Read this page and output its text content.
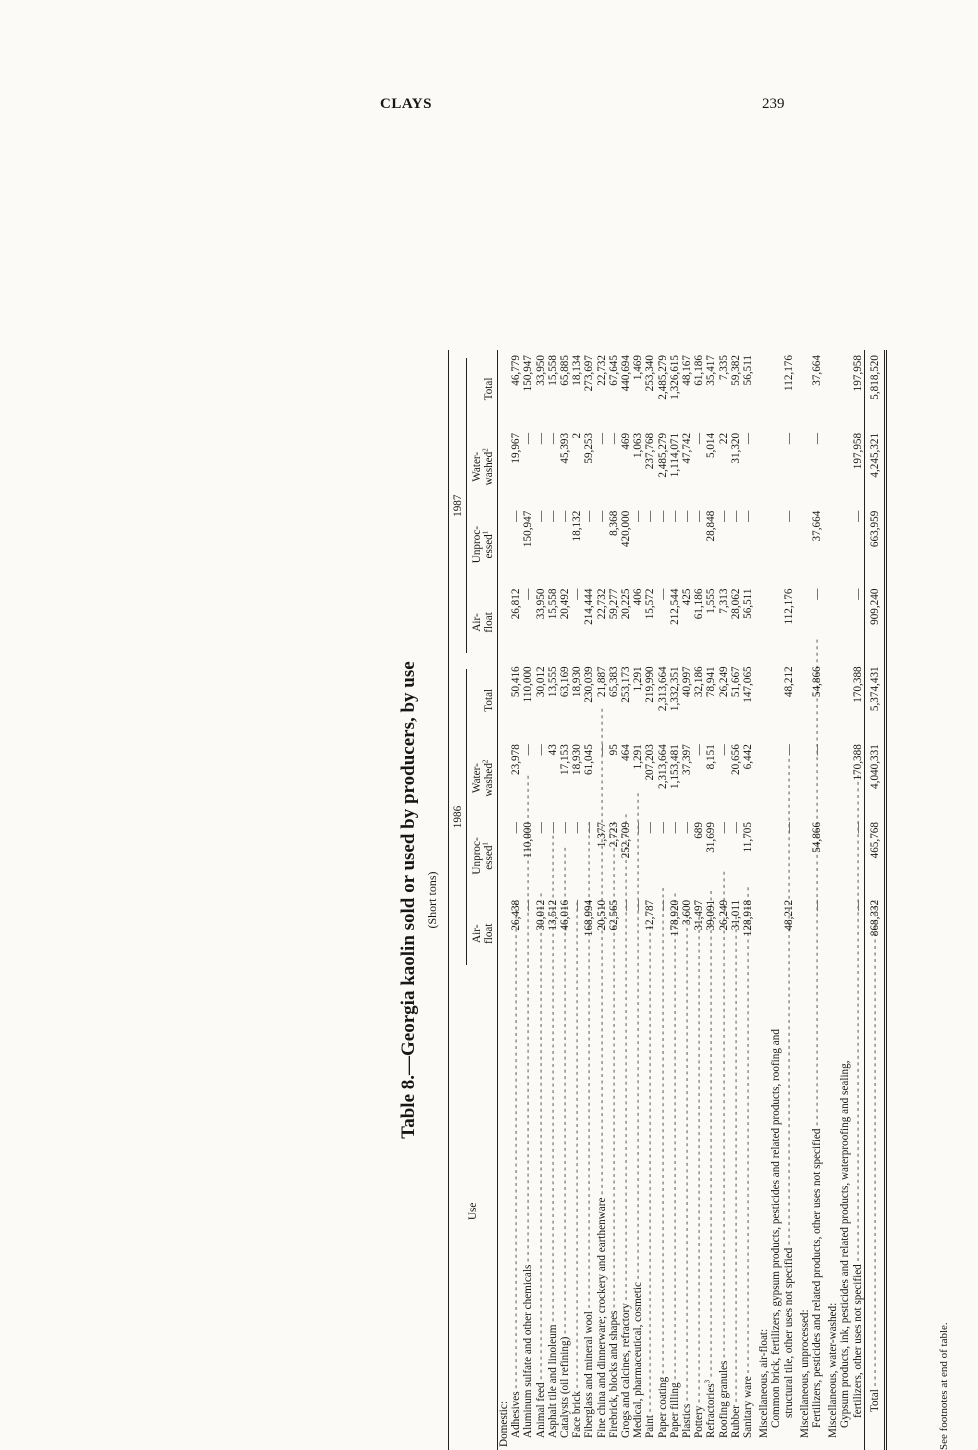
CLAYS	239
Table 8.—Georgia kaolin sold or used by producers, by use (Short tons)
Use	1986				1987			

	Air-
float	Unproc-
essed$^1$	Water-
washed$^2$	Total	Air-
float	Unproc-
essed$^1$	Water-
washed$^2$	Total
Domestic:								
Adhesives - - -	26,438	—	23,978	50,416	26,812	—	19,967	46,779
Aluminum sulfate and other chemicals - - -	—	110,000	—	110,000	—	150,947	—	150,947
Animal feed - - -	30,012	—	—	30,012	33,950	—	—	33,950
Asphalt tile and linoleum - - -	13,512	—	43	13,555	15,558	—	—	15,558
Catalysts (oil refining) - - -	46,016	—	17,153	63,169	20,492	—	45,393	65,885
Face brick - - -	—	—	18,930	18,930	—	18,132	2	18,134
Fiberglass and mineral wool - - -	168,994	—	61,045	230,039	214,444	—	59,253	273,697
Fine china and dinnerware; crockery and earthenware - - -	20,510	1,377	—	21,887	22,732	—	—	22,732
Firebrick, blocks and shapes - - -	62,565	2,723	95	65,383	59,277	8,368	—	67,645
Grogs and calcines, refractory - - -	—	252,709	464	253,173	20,225	420,000	469	440,694
Medical, pharmaceutical, cosmetic - - -	—	—	1,291	1,291	406	—	1,063	1,469
Paint - - -	12,787	—	207,203	219,990	15,572	—	237,768	253,340
Paper coating - - -	—	—	2,313,664	2,313,664	—	—	2,485,279	2,485,279
Paper filling - - -	178,920	—	1,153,481	1,332,351	212,544	—	1,114,071	1,326,615
Plastics - - -	3,600	—	37,397	40,997	425	—	47,742	48,167
Pottery - - -	31,497	689	—	32,186	61,186	—	—	61,186
Refractories$^3$ - - -	39,091	31,699	8,151	78,941	1,555	28,848	5,014	35,417
Roofing granules - - -	26,249	—	—	26,249	7,313	—	22	7,335
Rubber - - -	31,011	—	20,656	51,667	28,062	—	31,320	59,382
Sanitary ware - - -	128,918	11,705	6,442	147,065	56,511	—	—	56,511
Miscellaneous, air-float:								
Common brick, fertilizers, gypsum products, pesticides and related products, roofing and								
structural tile, other uses not specified - - -	48,212	—	—	48,212	112,176	—	—	112,176
Miscellaneous, unprocessed:								
Fertilizers, pesticides and related products, other uses not specified - - -	—	54,866	—	54,866	—	37,664	—	37,664
Miscellaneous, water-washed:								
Gypsum products, ink, pesticides and related products, waterproofing and sealing,								
fertilizers, other uses not specified - - -	—	—	170,388	170,388	—	—	197,958	197,958
Total - - -	868,332	465,768	4,040,331	5,374,431	909,240	663,959	4,245,321	5,818,520
See footnotes at end of table.
